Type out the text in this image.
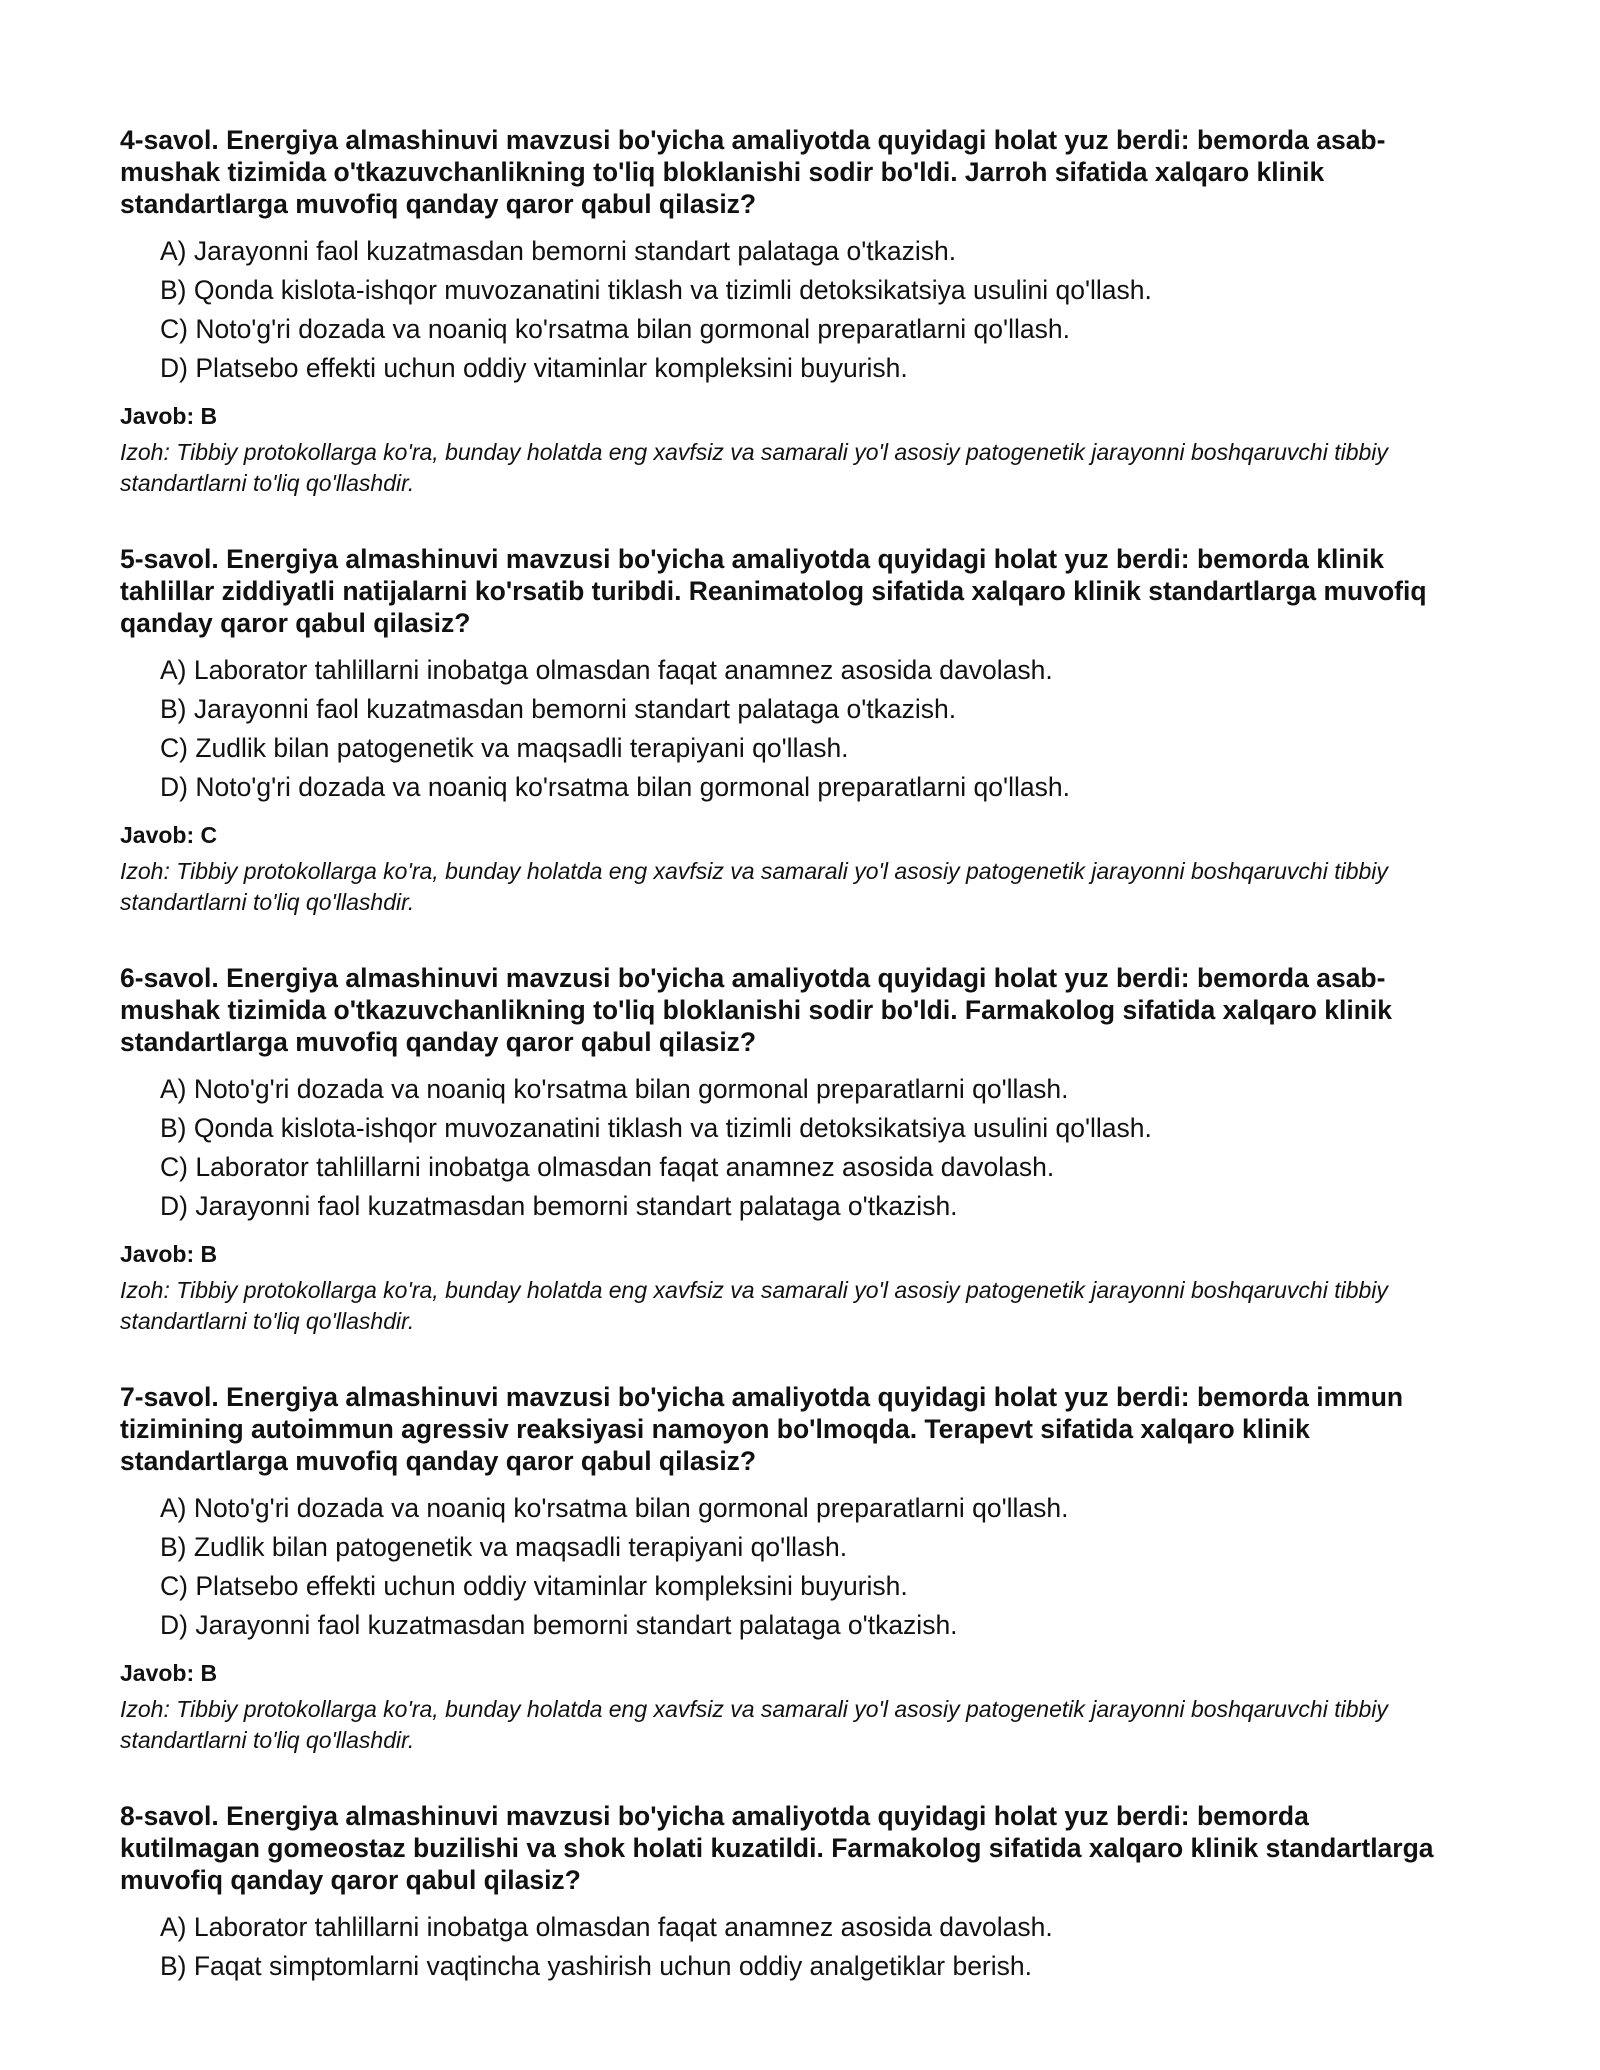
4-savol. Energiya almashinuvi mavzusi bo'yicha amaliyotda quyidagi holat yuz berdi: bemorda asab-mushak tizimida o'tkazuvchanlikning to'liq bloklanishi sodir bo'ldi. Jarroh sifatida xalqaro klinik standartlarga muvofiq qanday qaror qabul qilasiz?

A) Jarayonni faol kuzatmasdan bemorni standart palataga o'tkazish.
B) Qonda kislota-ishqor muvozanatini tiklash va tizimli detoksikatsiya usulini qo'llash.
C) Noto'g'ri dozada va noaniq ko'rsatma bilan gormonal preparatlarni qo'llash.
D) Platsebo effekti uchun oddiy vitaminlar kompleksini buyurish.

Javob: B

Izoh: Tibbiy protokollarga ko'ra, bunday holatda eng xavfsiz va samarali yo'l asosiy patogenetik jarayonni boshqaruvchi tibbiy standartlarni to'liq qo'llashdir.

5-savol. Energiya almashinuvi mavzusi bo'yicha amaliyotda quyidagi holat yuz berdi: bemorda klinik tahlillar ziddiyatli natijalarni ko'rsatib turibdi. Reanimatolog sifatida xalqaro klinik standartlarga muvofiq qanday qaror qabul qilasiz?

A) Laborator tahlillarni inobatga olmasdan faqat anamnez asosida davolash.
B) Jarayonni faol kuzatmasdan bemorni standart palataga o'tkazish.
C) Zudlik bilan patogenetik va maqsadli terapiyani qo'llash.
D) Noto'g'ri dozada va noaniq ko'rsatma bilan gormonal preparatlarni qo'llash.

Javob: C

Izoh: Tibbiy protokollarga ko'ra, bunday holatda eng xavfsiz va samarali yo'l asosiy patogenetik jarayonni boshqaruvchi tibbiy standartlarni to'liq qo'llashdir.

6-savol. Energiya almashinuvi mavzusi bo'yicha amaliyotda quyidagi holat yuz berdi: bemorda asab-mushak tizimida o'tkazuvchanlikning to'liq bloklanishi sodir bo'ldi. Farmakolog sifatida xalqaro klinik standartlarga muvofiq qanday qaror qabul qilasiz?

A) Noto'g'ri dozada va noaniq ko'rsatma bilan gormonal preparatlarni qo'llash.
B) Qonda kislota-ishqor muvozanatini tiklash va tizimli detoksikatsiya usulini qo'llash.
C) Laborator tahlillarni inobatga olmasdan faqat anamnez asosida davolash.
D) Jarayonni faol kuzatmasdan bemorni standart palataga o'tkazish.

Javob: B

Izoh: Tibbiy protokollarga ko'ra, bunday holatda eng xavfsiz va samarali yo'l asosiy patogenetik jarayonni boshqaruvchi tibbiy standartlarni to'liq qo'llashdir.

7-savol. Energiya almashinuvi mavzusi bo'yicha amaliyotda quyidagi holat yuz berdi: bemorda immun tizimining autoimmun agressiv reaksiyasi namoyon bo'lmoqda. Terapevt sifatida xalqaro klinik standartlarga muvofiq qanday qaror qabul qilasiz?

A) Noto'g'ri dozada va noaniq ko'rsatma bilan gormonal preparatlarni qo'llash.
B) Zudlik bilan patogenetik va maqsadli terapiyani qo'llash.
C) Platsebo effekti uchun oddiy vitaminlar kompleksini buyurish.
D) Jarayonni faol kuzatmasdan bemorni standart palataga o'tkazish.

Javob: B

Izoh: Tibbiy protokollarga ko'ra, bunday holatda eng xavfsiz va samarali yo'l asosiy patogenetik jarayonni boshqaruvchi tibbiy standartlarni to'liq qo'llashdir.

8-savol. Energiya almashinuvi mavzusi bo'yicha amaliyotda quyidagi holat yuz berdi: bemorda kutilmagan gomeostaz buzilishi va shok holati kuzatildi. Farmakolog sifatida xalqaro klinik standartlarga muvofiq qanday qaror qabul qilasiz?

A) Laborator tahlillarni inobatga olmasdan faqat anamnez asosida davolash.
B) Faqat simptomlarni vaqtincha yashirish uchun oddiy analgetiklar berish.
